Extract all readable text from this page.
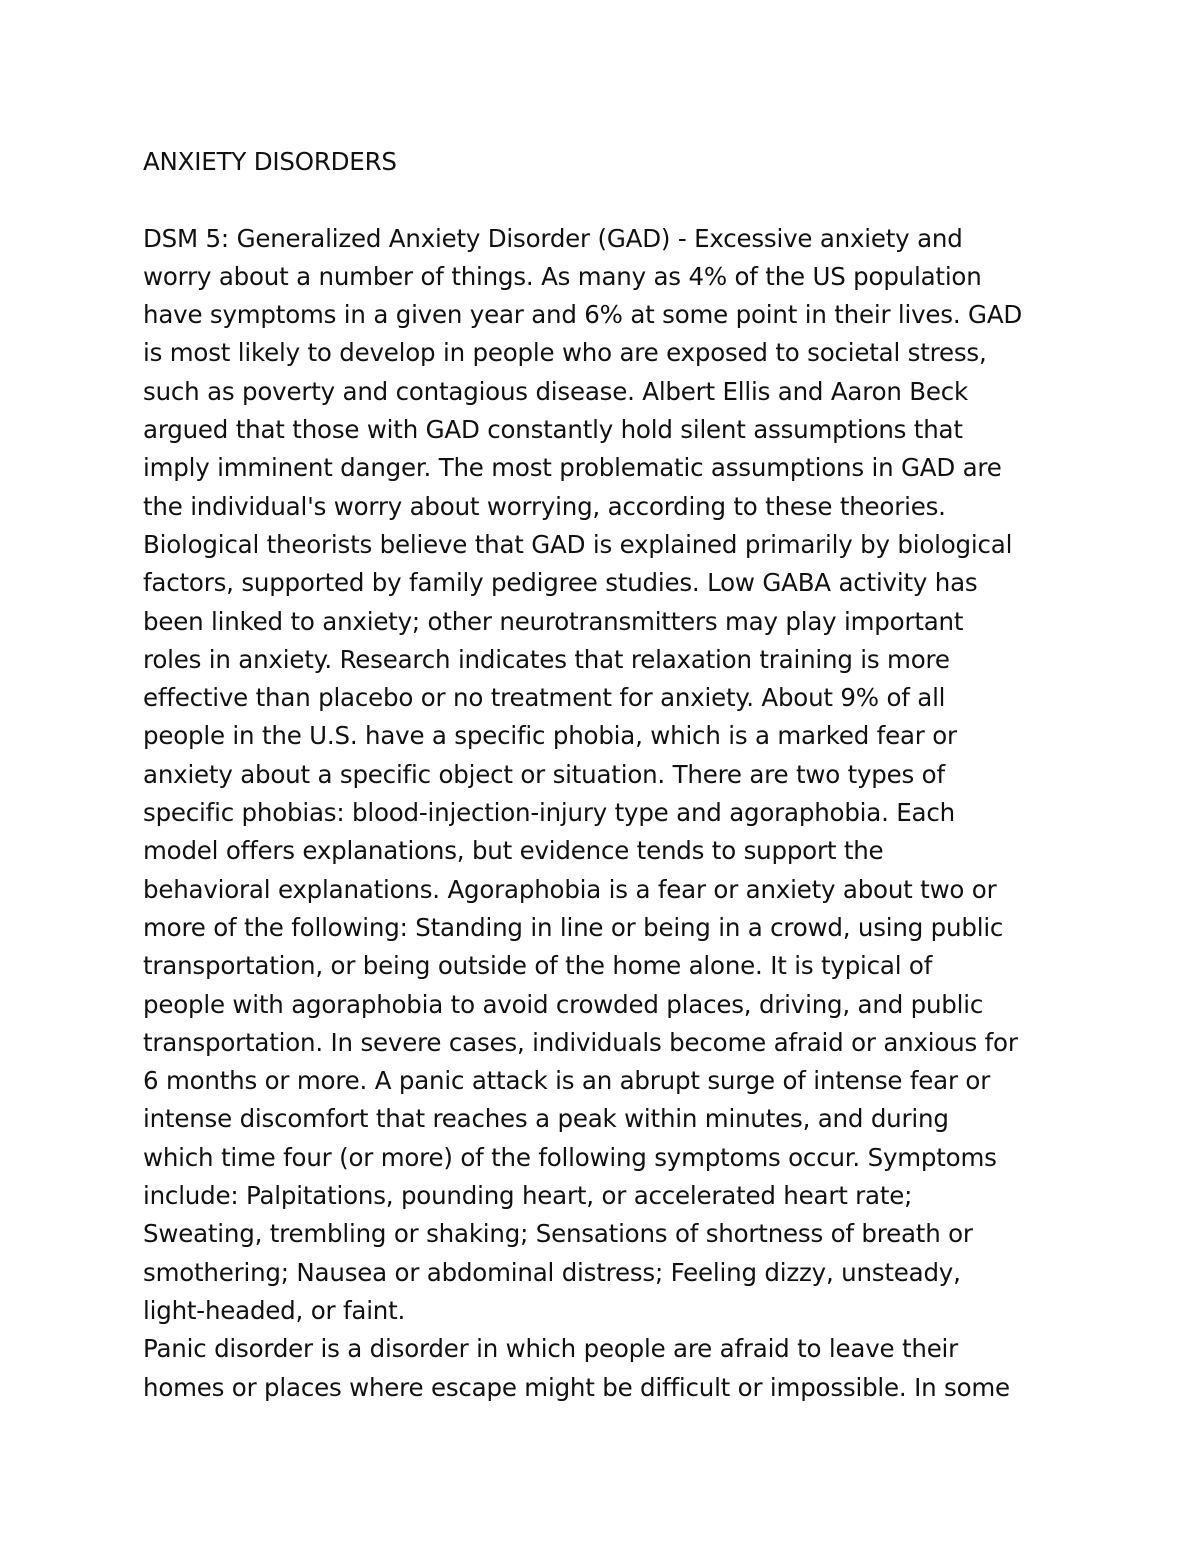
ANXIETY DISORDERS
DSM 5: Generalized Anxiety Disorder (GAD) - Excessive anxiety and
worry about a number of things. As many as 4% of the US population
have symptoms in a given year and 6% at some point in their lives. GAD
is most likely to develop in people who are exposed to societal stress,
such as poverty and contagious disease. Albert Ellis and Aaron Beck
argued that those with GAD constantly hold silent assumptions that
imply imminent danger. The most problematic assumptions in GAD are
the individual's worry about worrying, according to these theories.
Biological theorists believe that GAD is explained primarily by biological
factors, supported by family pedigree studies. Low GABA activity has
been linked to anxiety; other neurotransmitters may play important
roles in anxiety. Research indicates that relaxation training is more
effective than placebo or no treatment for anxiety. About 9% of all
people in the U.S. have a specific phobia, which is a marked fear or
anxiety about a specific object or situation. There are two types of
specific phobias: blood-injection-injury type and agoraphobia. Each
model offers explanations, but evidence tends to support the
behavioral explanations. Agoraphobia is a fear or anxiety about two or
more of the following: Standing in line or being in a crowd, using public
transportation, or being outside of the home alone. It is typical of
people with agoraphobia to avoid crowded places, driving, and public
transportation. In severe cases, individuals become afraid or anxious for
6 months or more. A panic attack is an abrupt surge of intense fear or
intense discomfort that reaches a peak within minutes, and during
which time four (or more) of the following symptoms occur. Symptoms
include: Palpitations, pounding heart, or accelerated heart rate;
Sweating, trembling or shaking; Sensations of shortness of breath or
smothering; Nausea or abdominal distress; Feeling dizzy, unsteady,
light-headed, or faint.
Panic disorder is a disorder in which people are afraid to leave their
homes or places where escape might be difficult or impossible. In some
